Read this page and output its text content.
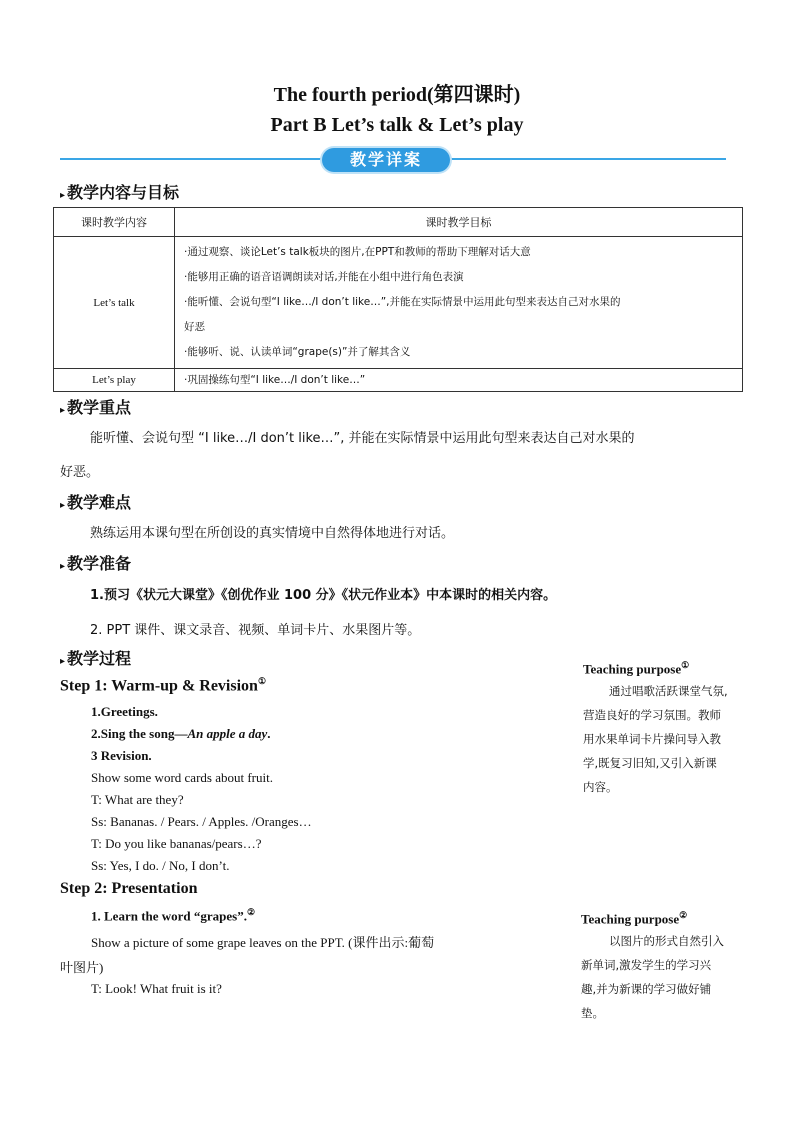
The fourth period(第四课时)
Part B Let’s talk & Let’s play
教学详案
▸ 教学内容与目标
课时教学内容	课时教学目标
Let’s talk	·通过观察、谈论Let’s talk板块的图片,在PPT和教师的帮助下理解对话大意
·能够用正确的语音语调朗读对话,并能在小组中进行角色表演
·能听懂、会说句型“I like…/I don’t like…”,并能在实际情景中运用此句型来表达自己对水果的
好恶
·能够听、说、认读单词“grape(s)”并了解其含义

Let’s play	·巩固操练句型“I like…/I don’t like…”
▸ 教学重点
能听懂、会说句型 “I like…/I don’t like…”, 并能在实际情景中运用此句型来表达自己对水果的
好恶。
▸ 教学难点
熟练运用本课句型在所创设的真实情境中自然得体地进行对话。
▸ 教学准备
1.预习《状元大课堂》《创优作业 100 分》《状元作业本》中本课时的相关内容。
2. PPT 课件、课文录音、视频、单词卡片、水果图片等。
▸ 教学过程
Step 1: Warm-up & Revision①
1.Greetings.
2.Sing the song—An apple a day.
3 Revision.
Show some word cards about fruit.
T: What are they?
Ss: Bananas. / Pears. / Apples. /Oranges…
T: Do you like bananas/pears…?
Ss: Yes, I do. / No, I don’t.
Step 2: Presentation
1. Learn the word “grapes”.②
Show a picture of some grape leaves on the PPT. (课件出示:葡萄
叶图片)
T: Look! What fruit is it?
Teaching purpose①
通过唱歌活跃课堂气氛,
营造良好的学习氛围。教师
用水果单词卡片操问导入教
学,既复习旧知,又引入新课
内容。
Teaching purpose②
以图片的形式自然引入
新单词,激发学生的学习兴
趣,并为新课的学习做好铺
垫。
